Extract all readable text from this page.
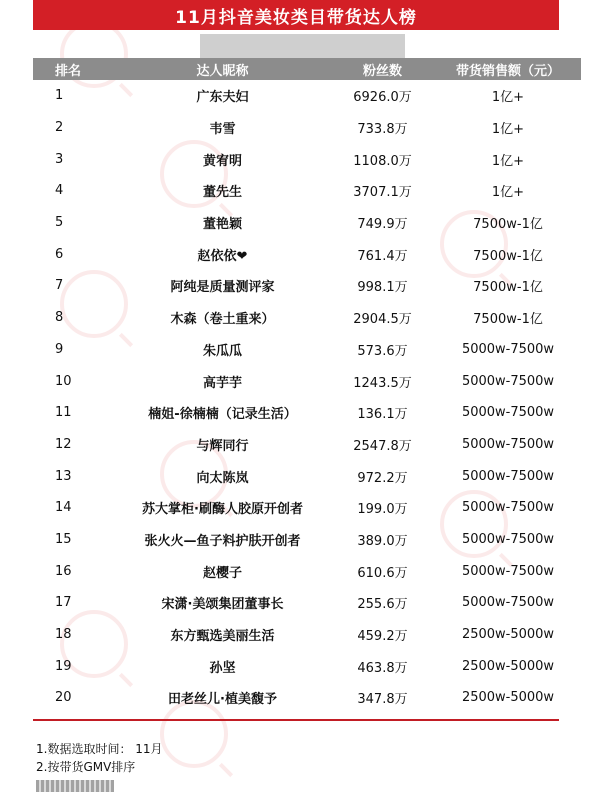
11月抖音美妆类目带货达人榜
排名	达人昵称	粉丝数	带货销售额（元）
1	广东夫妇	6926.0万	1亿+
2	韦雪	733.8万	1亿+
3	黄宥明	1108.0万	1亿+
4	董先生	3707.1万	1亿+
5	董艳颖	749.9万	7500w-1亿
6	赵依依❤	761.4万	7500w-1亿
7	阿纯是质量测评家	998.1万	7500w-1亿
8	木森（卷土重来）	2904.5万	7500w-1亿
9	朱瓜瓜	573.6万	5000w-7500w
10	高芋芋	1243.5万	5000w-7500w
11	楠姐-徐楠楠（记录生活）	136.1万	5000w-7500w
12	与辉同行	2547.8万	5000w-7500w
13	向太陈岚	972.2万	5000w-7500w
14	苏大掌柜·刷酶人胶原开创者	199.0万	5000w-7500w
15	张火火—鱼子料护肤开创者	389.0万	5000w-7500w
16	赵樱子	610.6万	5000w-7500w
17	宋潇·美颂集团董事长	255.6万	5000w-7500w
18	东方甄选美丽生活	459.2万	2500w-5000w
19	孙坚	463.8万	2500w-5000w
20	田老丝儿·植美馥予	347.8万	2500w-5000w
1.数据选取时间： 11月
2.按带货GMV排序
